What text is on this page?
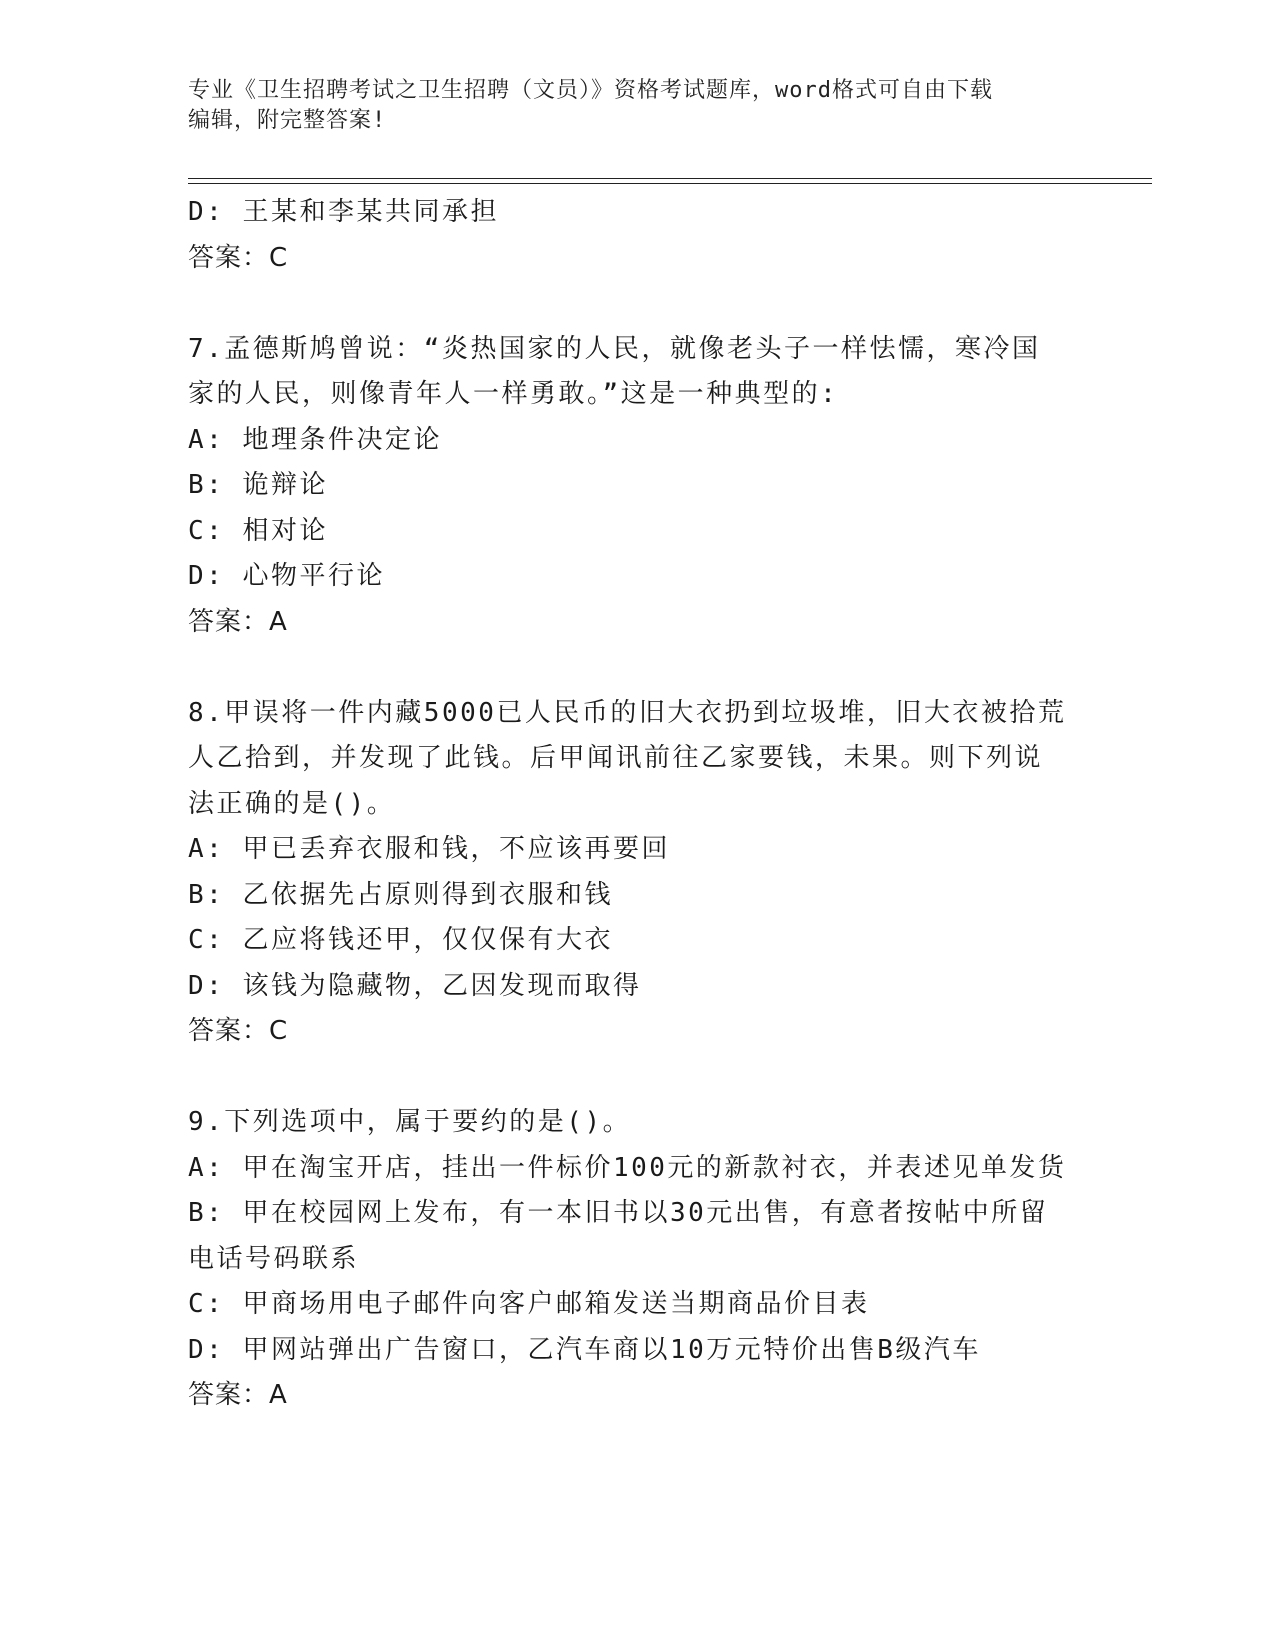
专业《卫生招聘考试之卫生招聘（文员）》资格考试题库，word格式可自由下载
编辑，附完整答案!
D: 王某和李某共同承担
答案：C
7.孟德斯鸠曾说：“炎热国家的人民，就像老头子一样怯懦，寒冷国
家的人民，则像青年人一样勇敢。”这是一种典型的:
A: 地理条件决定论
B: 诡辩论
C: 相对论
D: 心物平行论
答案：A
8.甲误将一件内藏5000已人民币的旧大衣扔到垃圾堆，旧大衣被拾荒
人乙拾到，并发现了此钱。后甲闻讯前往乙家要钱，未果。则下列说
法正确的是()。
A: 甲已丢弃衣服和钱，不应该再要回
B: 乙依据先占原则得到衣服和钱
C: 乙应将钱还甲，仅仅保有大衣
D: 该钱为隐藏物，乙因发现而取得
答案：C
9.下列选项中，属于要约的是()。
A: 甲在淘宝开店，挂出一件标价100元的新款衬衣，并表述见单发货
B: 甲在校园网上发布，有一本旧书以30元出售，有意者按帖中所留
电话号码联系
C: 甲商场用电子邮件向客户邮箱发送当期商品价目表
D: 甲网站弹出广告窗口，乙汽车商以10万元特价出售B级汽车
答案：A
